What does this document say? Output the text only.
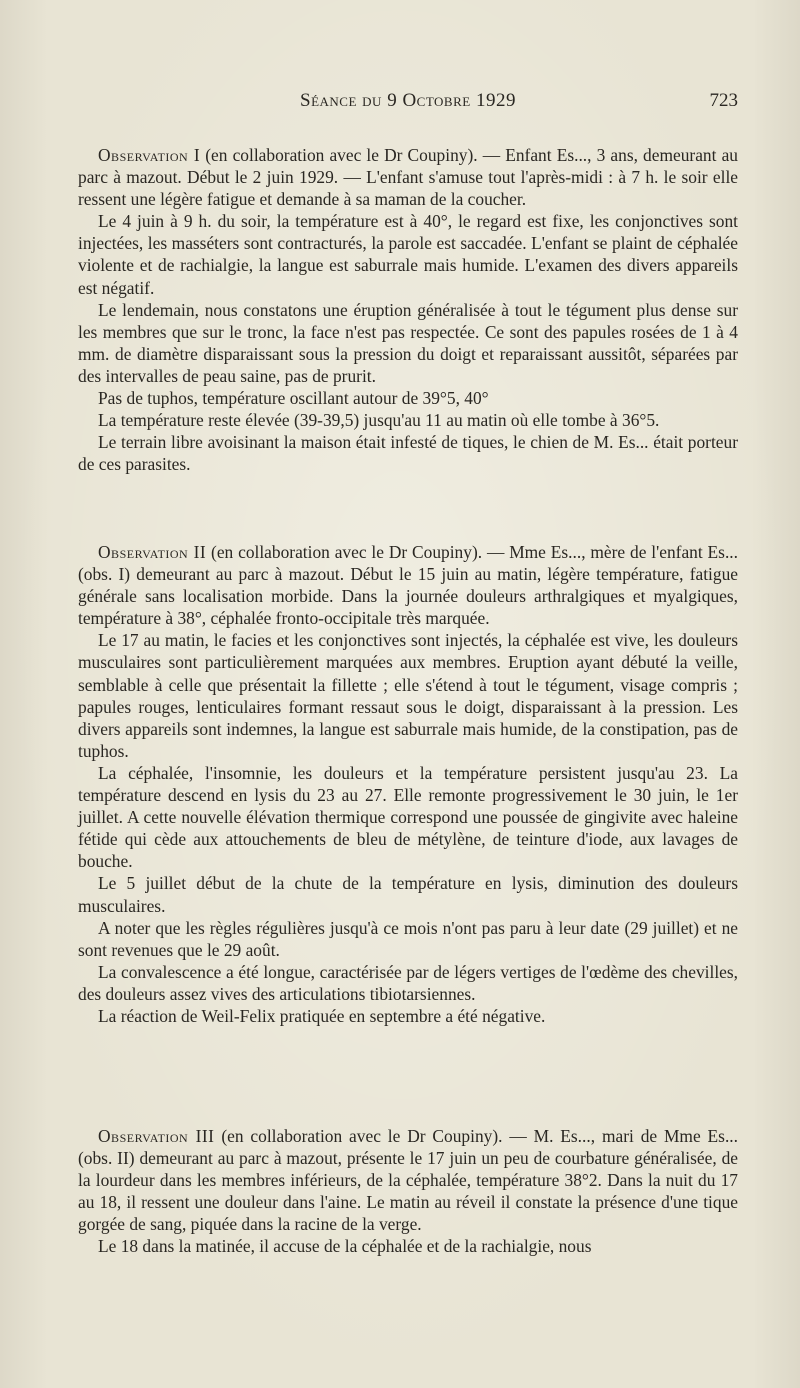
Séance du 9 Octobre 1929	723

Observation I (en collaboration avec le Dr Coupiny). — Enfant Es..., 3 ans, demeurant au parc à mazout. Début le 2 juin 1929. — L'enfant s'amuse tout l'après-midi : à 7 h. le soir elle ressent une légère fatigue et demande à sa maman de la coucher.

Le 4 juin à 9 h. du soir, la température est à 40°, le regard est fixe, les conjonctives sont injectées, les masséters sont contracturés, la parole est saccadée. L'enfant se plaint de céphalée violente et de rachialgie, la langue est saburrale mais humide. L'examen des divers appareils est négatif.

Le lendemain, nous constatons une éruption généralisée à tout le tégument plus dense sur les membres que sur le tronc, la face n'est pas respectée. Ce sont des papules rosées de 1 à 4 mm. de diamètre disparaissant sous la pression du doigt et reparaissant aussitôt, séparées par des intervalles de peau saine, pas de prurit.

Pas de tuphos, température oscillant autour de 39°5, 40°

La température reste élevée (39-39,5) jusqu'au 11 au matin où elle tombe à 36°5.

Le terrain libre avoisinant la maison était infesté de tiques, le chien de M. Es... était porteur de ces parasites.

Observation II (en collaboration avec le Dr Coupiny). — Mme Es..., mère de l'enfant Es... (obs. I) demeurant au parc à mazout. Début le 15 juin au matin, légère température, fatigue générale sans localisation morbide. Dans la journée douleurs arthralgiques et myalgiques, température à 38°, céphalée fronto-occipitale très marquée.

Le 17 au matin, le facies et les conjonctives sont injectés, la céphalée est vive, les douleurs musculaires sont particulièrement marquées aux membres. Eruption ayant débuté la veille, semblable à celle que présentait la fillette ; elle s'étend à tout le tégument, visage compris ; papules rouges, lenticulaires formant ressaut sous le doigt, disparaissant à la pression. Les divers appareils sont indemnes, la langue est saburrale mais humide, de la constipation, pas de tuphos.

La céphalée, l'insomnie, les douleurs et la température persistent jusqu'au 23. La température descend en lysis du 23 au 27. Elle remonte progressivement le 30 juin, le 1er juillet. A cette nouvelle élévation thermique correspond une poussée de gingivite avec haleine fétide qui cède aux attouchements de bleu de métylène, de teinture d'iode, aux lavages de bouche.

Le 5 juillet début de la chute de la température en lysis, diminution des douleurs musculaires.

A noter que les règles régulières jusqu'à ce mois n'ont pas paru à leur date (29 juillet) et ne sont revenues que le 29 août.

La convalescence a été longue, caractérisée par de légers vertiges de l'œdème des chevilles, des douleurs assez vives des articulations tibiotarsiennes.

La réaction de Weil-Felix pratiquée en septembre a été négative.

Observation III (en collaboration avec le Dr Coupiny). — M. Es..., mari de Mme Es... (obs. II) demeurant au parc à mazout, présente le 17 juin un peu de courbature généralisée, de la lourdeur dans les membres inférieurs, de la céphalée, température 38°2. Dans la nuit du 17 au 18, il ressent une douleur dans l'aine. Le matin au réveil il constate la présence d'une tique gorgée de sang, piquée dans la racine de la verge.

Le 18 dans la matinée, il accuse de la céphalée et de la rachialgie, nous
